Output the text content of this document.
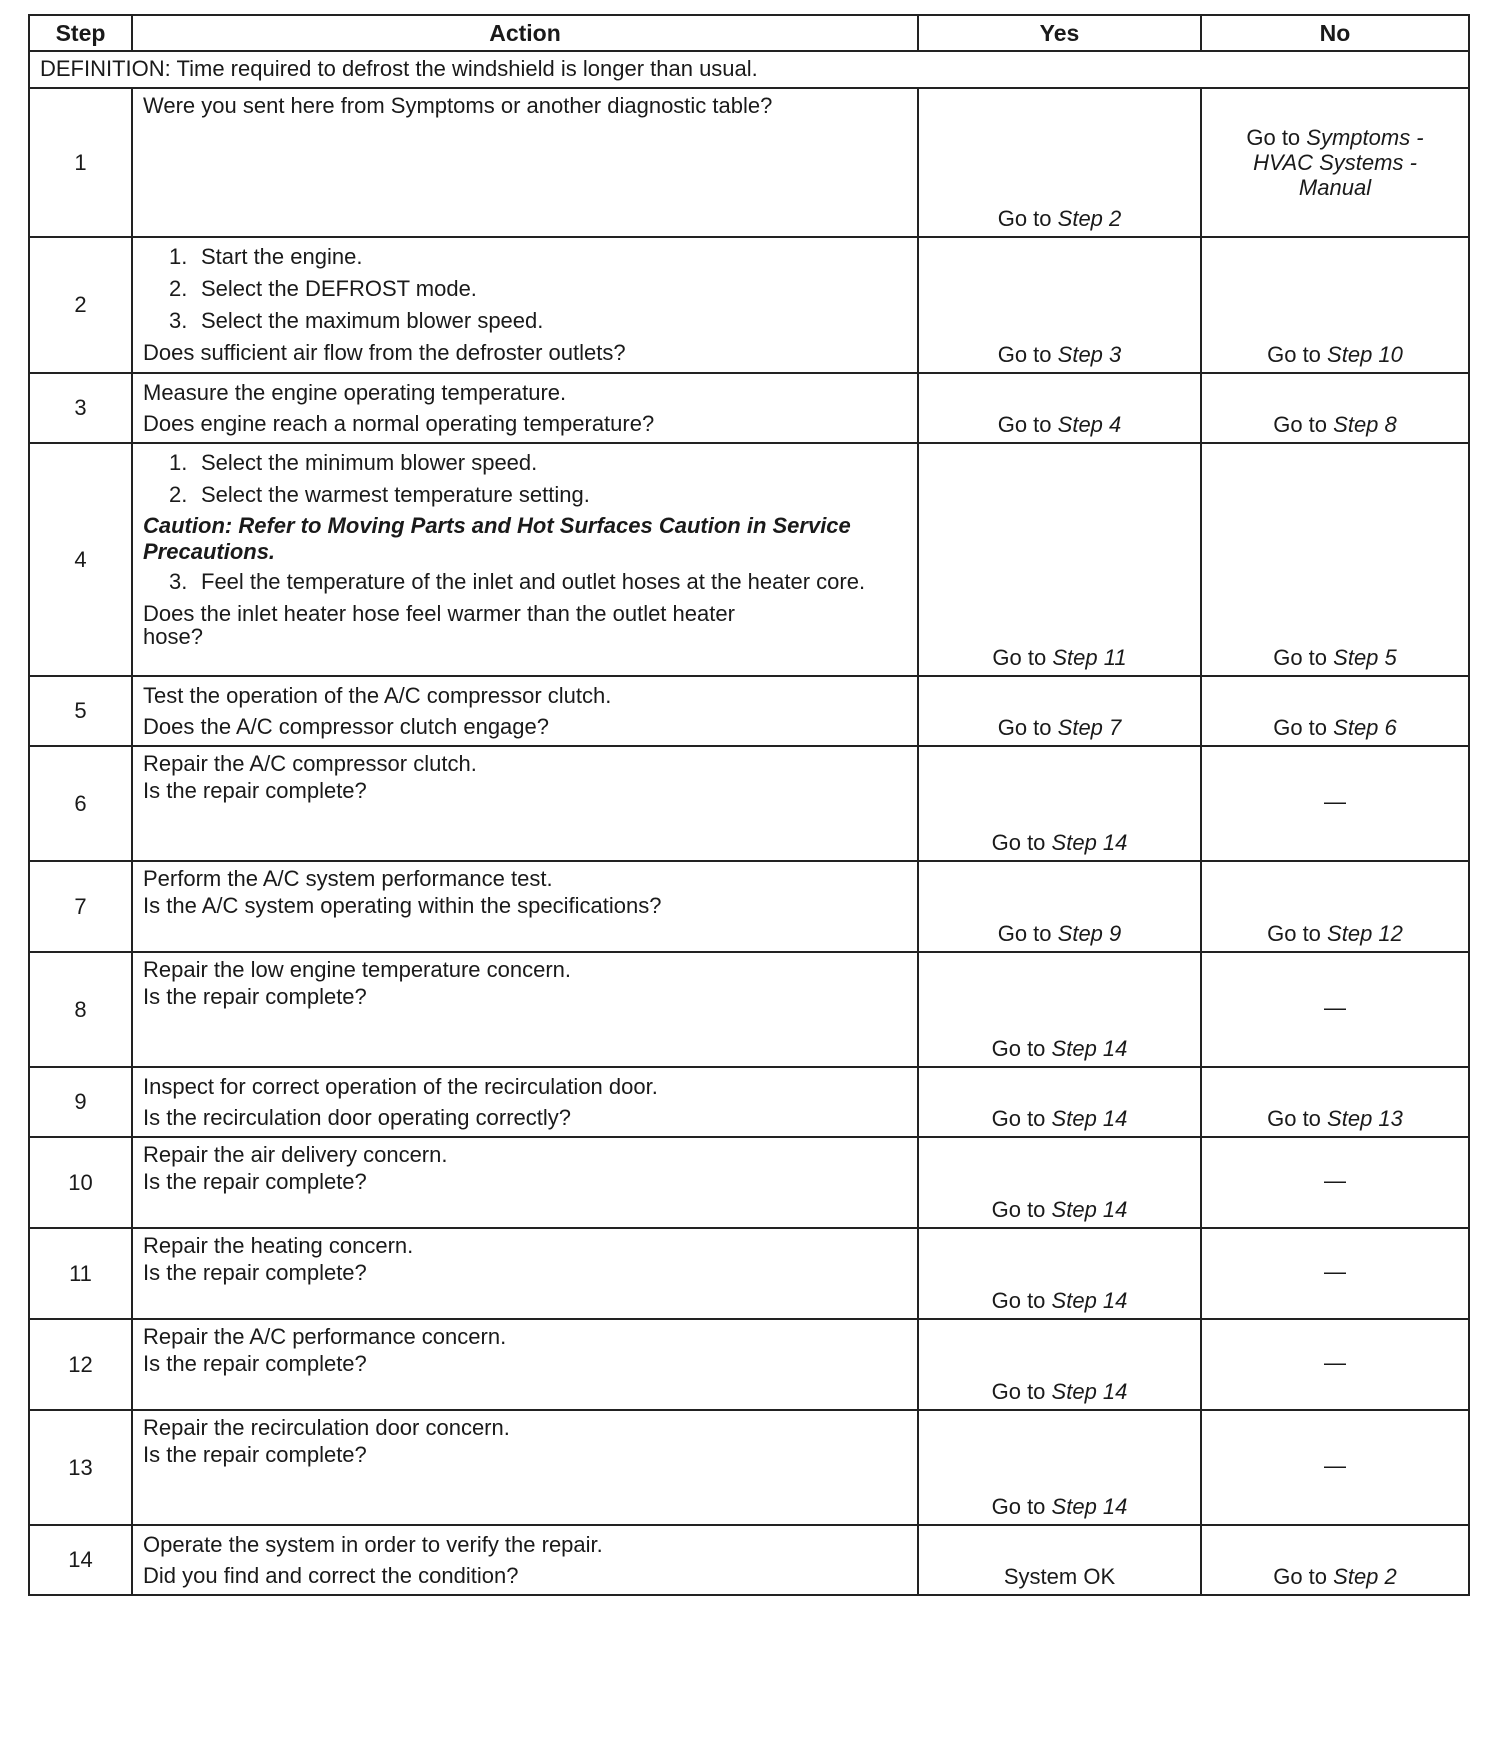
Step	Action	Yes	No
DEFINITION: Time required to defrost the windshield is longer than usual.			
1	Were you sent here from Symptoms or another diagnostic table?	Go to Step 2	Go to Symptoms - HVAC Systems - Manual
2	1. Start the engine.
2. Select the DEFROST mode.
3. Select the maximum blower speed.
Does sufficient air flow from the defroster outlets?	Go to Step 3	Go to Step 10
3	Measure the engine operating temperature.
Does engine reach a normal operating temperature?	Go to Step 4	Go to Step 8
4	1. Select the minimum blower speed.
2. Select the warmest temperature setting.
Caution: Refer to Moving Parts and Hot Surfaces Caution in Service Precautions.
3. Feel the temperature of the inlet and outlet hoses at the heater core.
Does the inlet heater hose feel warmer than the outlet heater hose?	Go to Step 11	Go to Step 5
5	Test the operation of the A/C compressor clutch.
Does the A/C compressor clutch engage?	Go to Step 7	Go to Step 6
6	Repair the A/C compressor clutch.
Is the repair complete?	Go to Step 14	—
7	Perform the A/C system performance test.
Is the A/C system operating within the specifications?	Go to Step 9	Go to Step 12
8	Repair the low engine temperature concern.
Is the repair complete?	Go to Step 14	—
9	Inspect for correct operation of the recirculation door.
Is the recirculation door operating correctly?	Go to Step 14	Go to Step 13
10	Repair the air delivery concern.
Is the repair complete?	Go to Step 14	—
11	Repair the heating concern.
Is the repair complete?	Go to Step 14	—
12	Repair the A/C performance concern.
Is the repair complete?	Go to Step 14	—
13	Repair the recirculation door concern.
Is the repair complete?	Go to Step 14	—
14	Operate the system in order to verify the repair.
Did you find and correct the condition?	System OK	Go to Step 2
